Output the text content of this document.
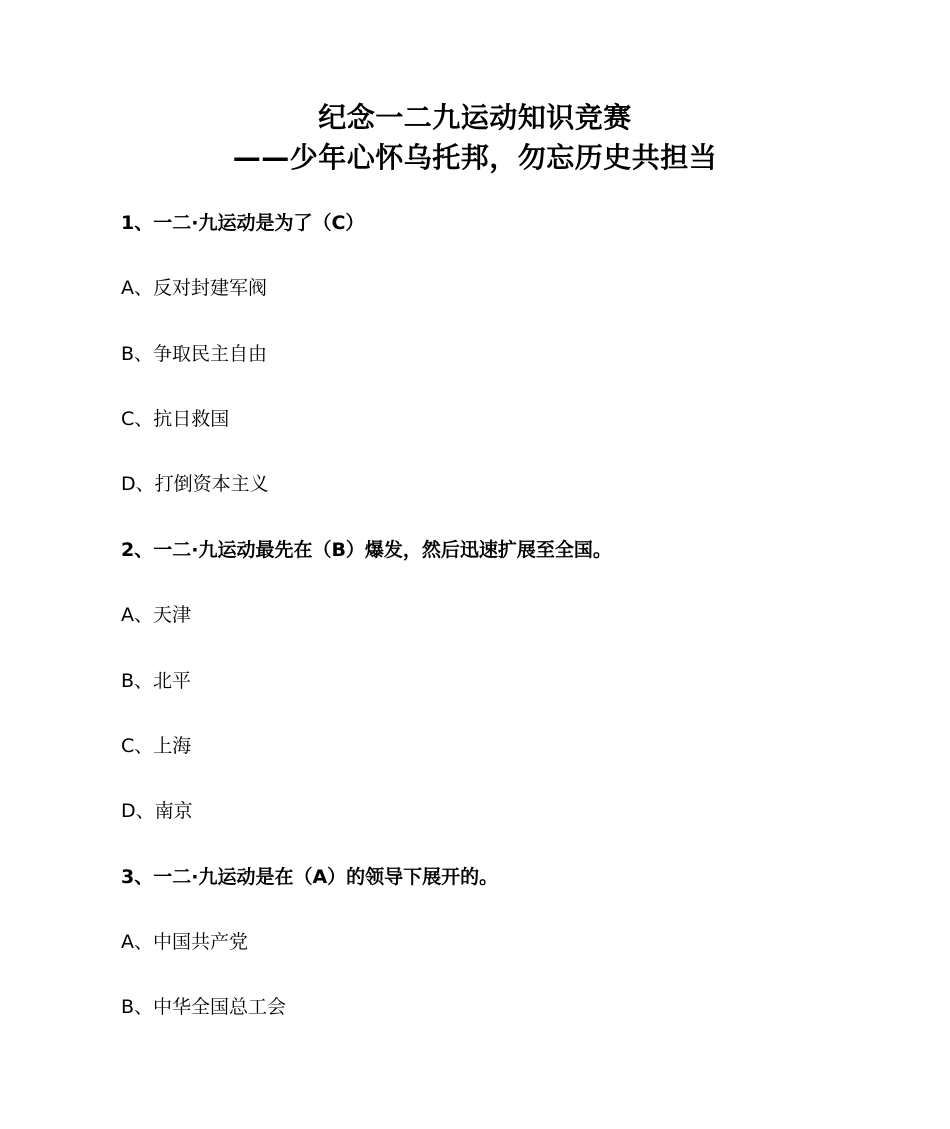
纪念一二九运动知识竞赛
——少年心怀乌托邦，勿忘历史共担当
1、一二·九运动是为了（C）
A、反对封建军阀
B、争取民主自由
C、抗日救国
D、打倒资本主义
2、一二·九运动最先在（B）爆发，然后迅速扩展至全国。
A、天津
B、北平
C、上海
D、南京
3、一二·九运动是在（A）的领导下展开的。
A、中国共产党
B、中华全国总工会
